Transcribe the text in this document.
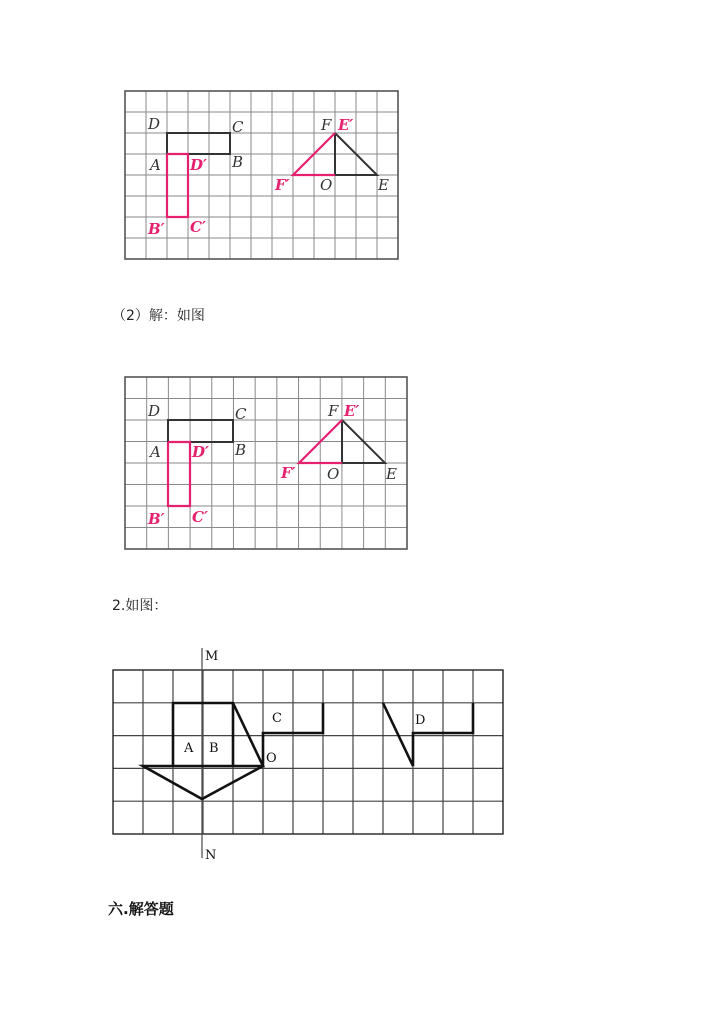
D	C
A	B
D′
B′ C′
F E′
F′ O	E
（2）解：如图
D	C
A	B
D′
B′ C′
F E′
F′ O	E
2.如图：
M
N
A B
C
O
D
六.解答题
